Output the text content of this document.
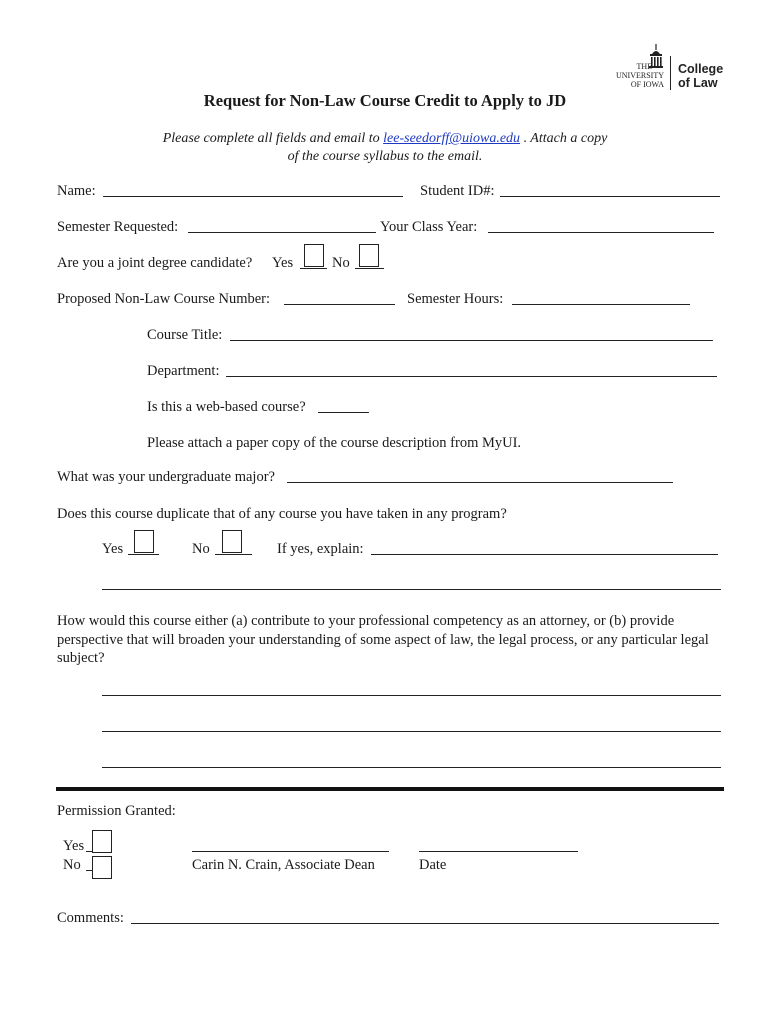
THE
UNIVERSITY
OF IOWA
College
of Law
Request for Non-Law Course Credit to Apply to JD
Please complete all fields and email to lee-seedorff@uiowa.edu . Attach a copy
of the course syllabus to the email.
Name:	Student ID#:
Semester Requested:	Your Class Year:
Are you a joint degree candidate? Yes	No
Proposed Non-Law Course Number:	Semester Hours:
Course Title:
Department:
Is this a web-based course?
Please attach a paper copy of the course description from MyUI.
What was your undergraduate major?
Does this course duplicate that of any course you have taken in any program?
Yes	No	If yes, explain:
How would this course either (a) contribute to your professional competency as an attorney, or (b) provide perspective that will broaden your understanding of some aspect of law, the legal process, or any particular legal subject?
Permission Granted:
Yes
No	Carin N. Crain, Associate Dean	Date
Comments:
